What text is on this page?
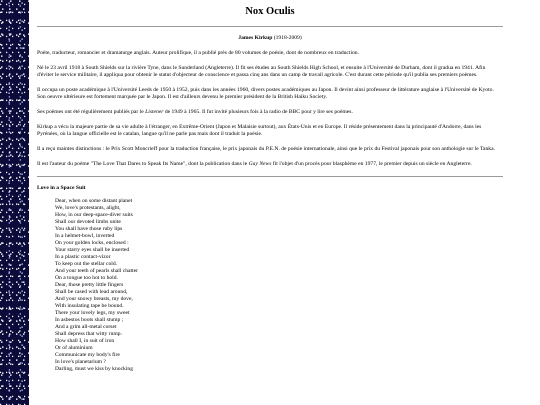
Nox Oculis
James Kirkup (1918-2009)

Poète, traducteur, romancier et dramaturge anglais. Auteur prolifique, il a publié près de 80 volumes de poésie, dont de nombreux en traduction.

Né le 23 avril 1918 à South Shields sur la rivière Tyne, dans le Sunderland (Angleterre). Il fit ses études au South Shields High School, et ensuite à l'Université de Durham, dont il gradua en 1941. Afin d'éviter le service militaire, il appliqua pour obtenir le statut d'objecteur de conscience et passa cinq ans dans un camp de travail agricole. C'est durant cette période qu'il publia ses premiers poèmes.

Il occupa un poste académique à l'Université Leeds de 1950 à 1952, puis dans les années 1960, divers postes académiques au Japon. Il devint ainsi professeur de littérature anglaise à l'Université de Kyoto. Son oeuvre ultérieure est fortement marquée par le Japon. Il est d'ailleurs devenu le premier président de la British Haiku Society.

Ses poèmes ont été régulièrement publiés par le Listener de 1949 à 1965. Il fut invité plusieurs fois à la radio de BBC pour y lire ses poèmes.

Kirkup a vécu la majeure partie de sa vie adulte à l'étranger, en Extrême-Orient (Japon et Malaisie surtout), aux États-Unis et en Europe. Il réside présentement dans la principauté d'Andorre, dans les Pyrénées, où la langue officielle est le catalan, langue qu'il ne parle pas mais dont il traduit la poésie.

Il a reçu maintes distinctions : le Prix Scott Moncrieff pour la traduction française, le prix japonais du P.E.N. de poésie internationale, ainsi que le prix du Festival japonais pour son anthologie sur le Tanka.

Il est l'auteur du poème "The Love That Dares to Speak Its Name", dont la publication dans le Gay News fit l'objet d'un procès pour blasphème en 1977, le premier depuis un siècle en Angleterre.

Love in a Space Suit
Dear, when on some distant planet
We, love's protestants, alight,
How, in our deep-space-diver suits
Shall our devoted limbs unite
You shall have those ruby lips
In a helmet-bowl, inverted
On your golden locks, enclosed :
Your starry eyes shall be inserted
In a plastic contact-vizor
To keep out the stellar cold.
And your teeth of pearls shall chatter
On a tongue too hot to hold.
Dear, those pretty little fingers
Shall be cased with lead around,
And your snowy breasts, my dove,
With insulating tape be bound.
There your lovely legs, my sweet
In asbestos boots shall stump ;
And a grim all-metal corset
Shall depress that witty rump.
How shall I, in suit of iron
Or of aluminium
Communicate my body's fire
In love's planetarium ?
Darling, must we kiss by knocking
